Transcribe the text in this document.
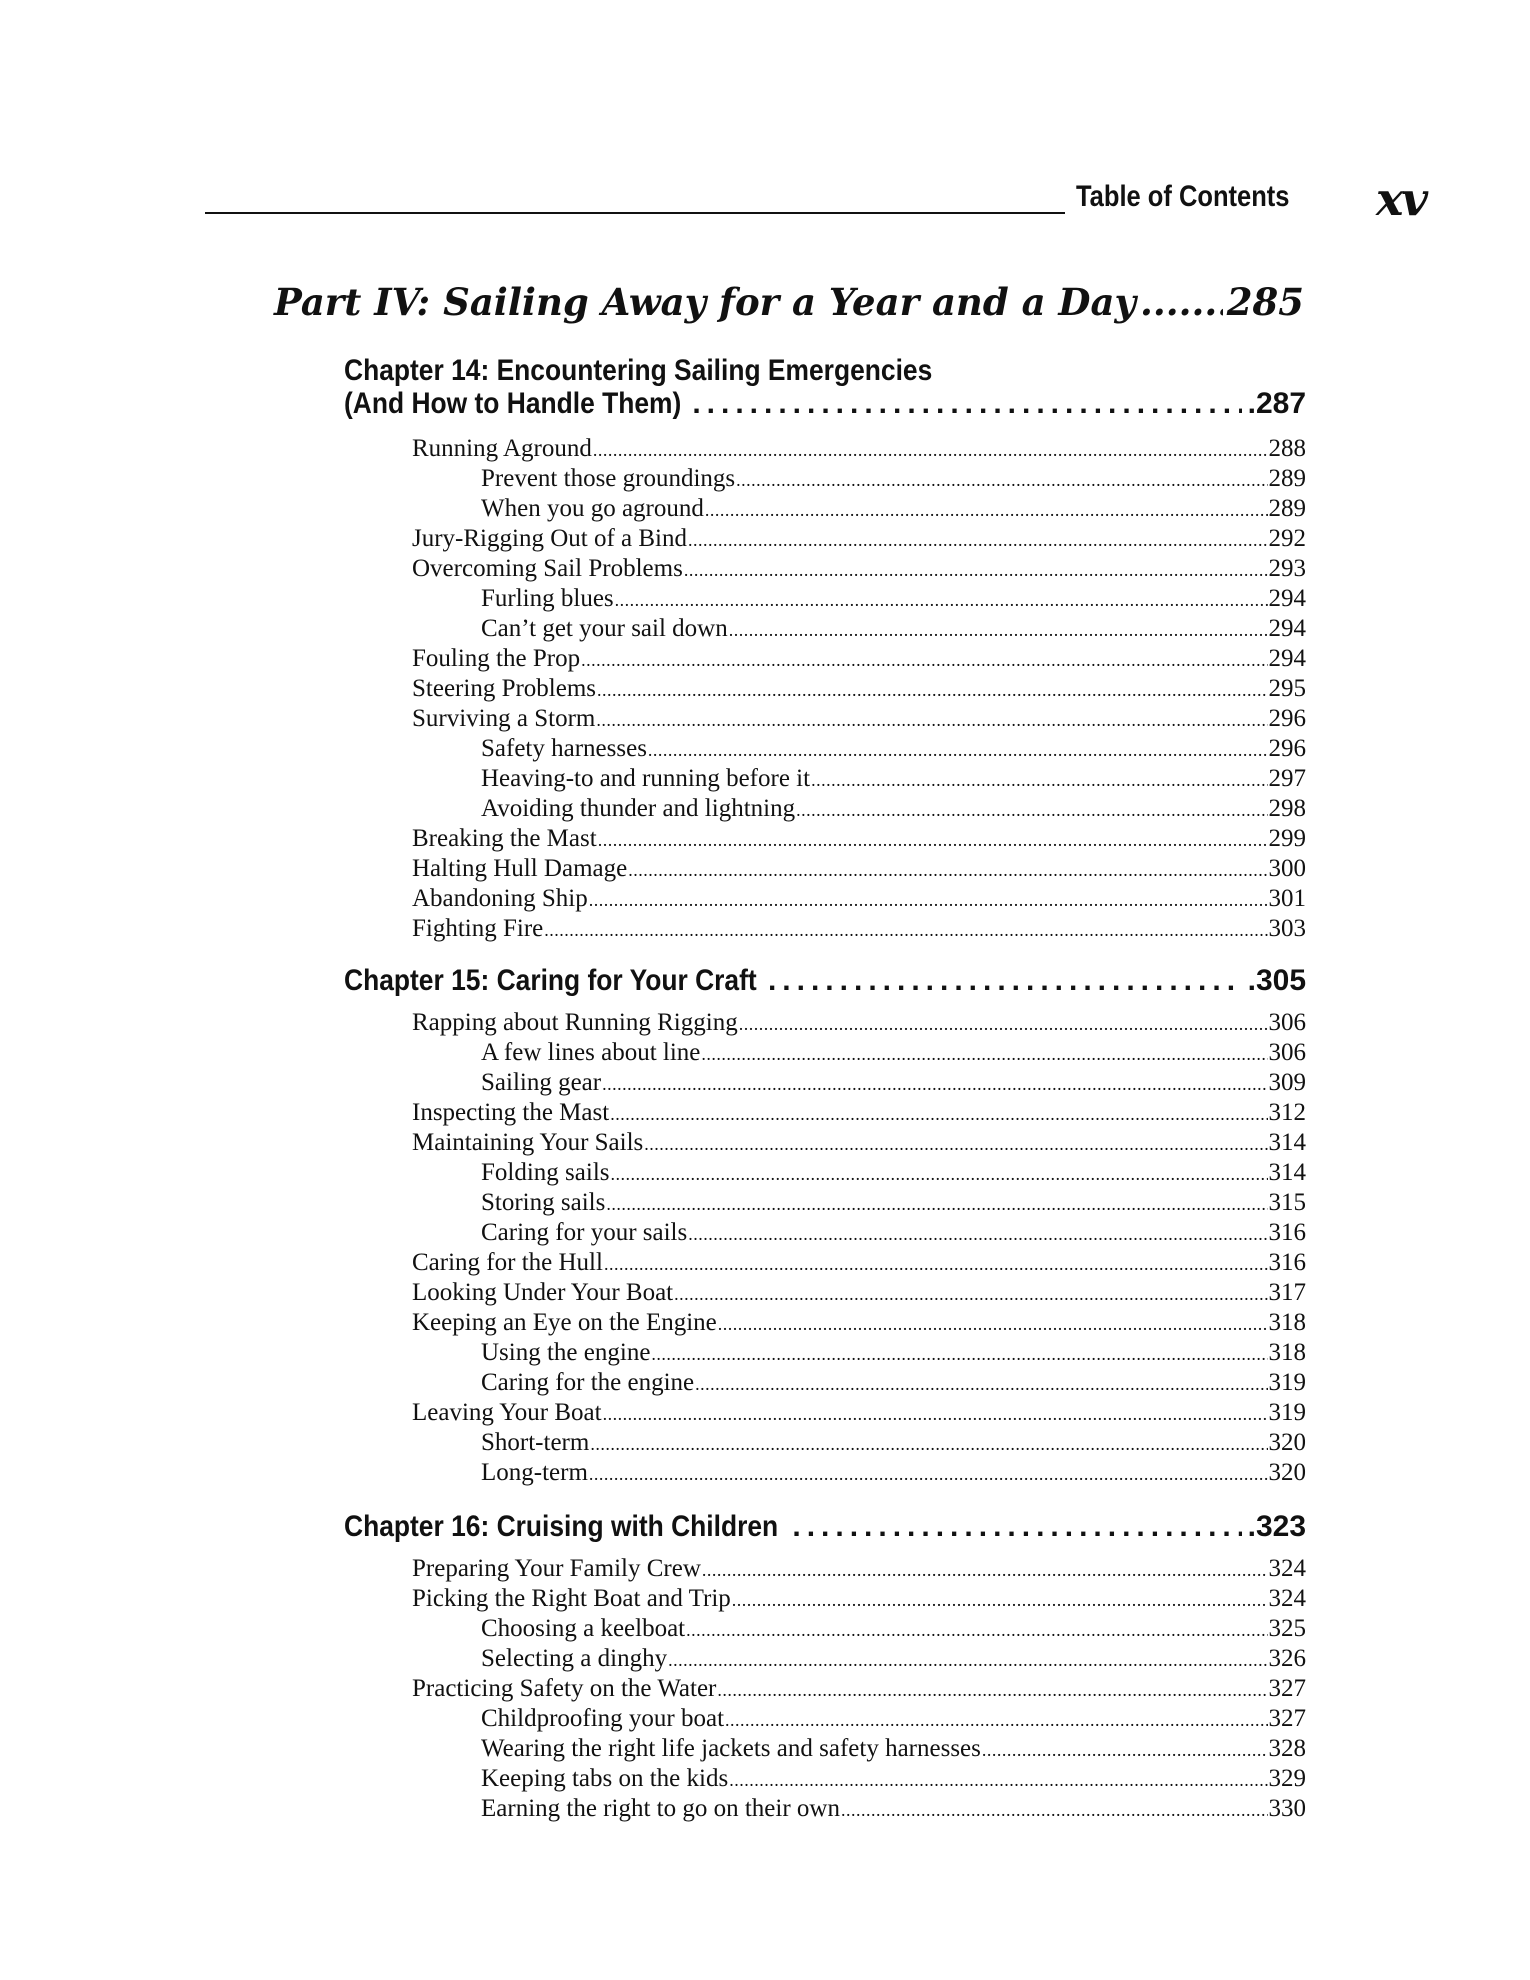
Table of Contents xv
Part IV: Sailing Away for a Year and a Day ..... 285
Chapter 14: Encountering Sailing Emergencies
(And How to Handle Them) .....	.287
Running Aground .....	288
Prevent those groundings .....	289
When you go aground .....	289
Jury-Rigging Out of a Bind .....	292
Overcoming Sail Problems .....	293
Furling blues .....	294
Can’t get your sail down .....	294
Fouling the Prop .....	294
Steering Problems .....	295
Surviving a Storm .....	296
Safety harnesses .....	296
Heaving-to and running before it .....	297
Avoiding thunder and lightning .....	298
Breaking the Mast .....	299
Halting Hull Damage .....	300
Abandoning Ship .....	301
Fighting Fire .....	303
Chapter 15: Caring for Your Craft .....	.305
Rapping about Running Rigging .....	306
A few lines about line .....	306
Sailing gear .....	309
Inspecting the Mast .....	312
Maintaining Your Sails .....	314
Folding sails .....	314
Storing sails .....	315
Caring for your sails .....	316
Caring for the Hull .....	316
Looking Under Your Boat .....	317
Keeping an Eye on the Engine .....	318
Using the engine .....	318
Caring for the engine .....	319
Leaving Your Boat .....	319
Short-term .....	320
Long-term .....	320
Chapter 16: Cruising with Children .....	.323
Preparing Your Family Crew .....	324
Picking the Right Boat and Trip .....	324
Choosing a keelboat .....	325
Selecting a dinghy .....	326
Practicing Safety on the Water .....	327
Childproofing your boat .....	327
Wearing the right life jackets and safety harnesses .....	328
Keeping tabs on the kids .....	329
Earning the right to go on their own .....	330
